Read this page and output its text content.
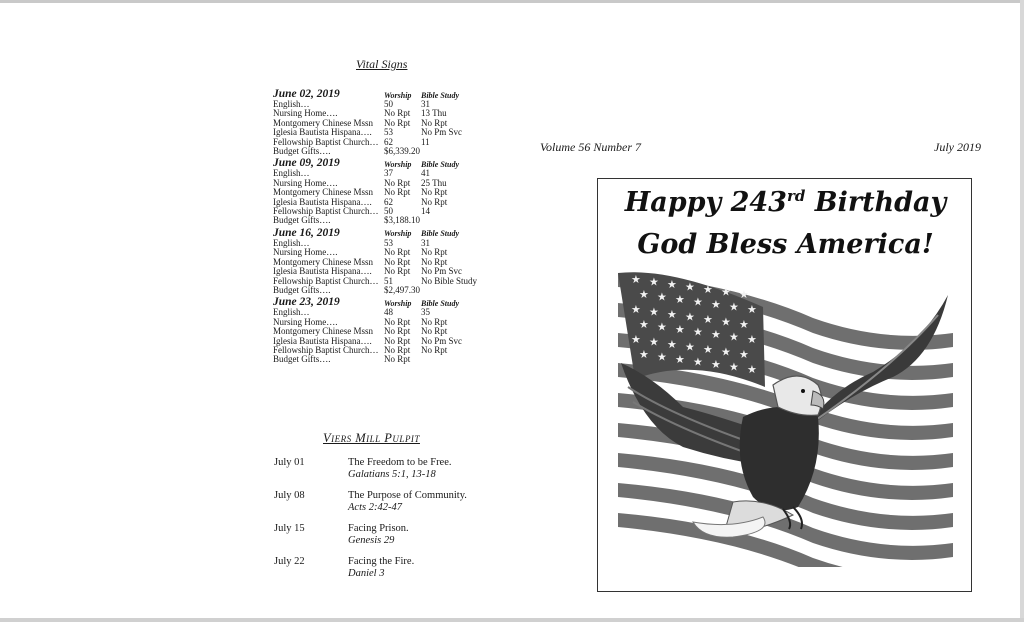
Vital Signs
June 02, 2019	Worship	Bible Study
English…	50	31
Nursing Home….	No Rpt	13 Thu
Montgomery Chinese Mssn	No Rpt	No Rpt
Iglesia Bautista Hispana….	53	No Pm Svc
Fellowship Baptist Church… 62	11
Budget Gifts….	$6,339.20
June 09, 2019	Worship	Bible Study
English…	37	41
Nursing Home….	No Rpt	25 Thu
Montgomery Chinese Mssn	No Rpt	No Rpt
Iglesia Bautista Hispana….	62	No Rpt
Fellowship Baptist Church… 50	14
Budget Gifts….	$3,188.10
June 16, 2019	Worship	Bible Study
English…	53	31
Nursing Home….	No Rpt	No Rpt
Montgomery Chinese Mssn	No Rpt	No Rpt
Iglesia Bautista Hispana….	No Rpt	No Pm Svc
Fellowship Baptist Church… 51	No Bible Study
Budget Gifts….	$2,497.30
June 23, 2019	Worship	Bible Study
English…	48	35
Nursing Home….	No Rpt	No Rpt
Montgomery Chinese Mssn	No Rpt	No Rpt
Iglesia Bautista Hispana….	No Rpt	No Pm Svc
Fellowship Baptist Church… No Rpt	No Rpt
Budget Gifts….	No Rpt
Viers Mill Pulpit
July 01	The Freedom to be Free.
Galatians 5:1, 13-18
July 08	The Purpose of Community.
Acts 2:42-47
July 15	Facing Prison.
Genesis 29
July 22	Facing the Fire.
Daniel 3
Volume 56 Number 7	July 2019
Happy 243rd Birthday
God Bless America!
★ ★ ★ ★ ★ ★ ★
★ ★ ★ ★ ★ ★ ★
★ ★ ★ ★ ★ ★ ★
★ ★ ★ ★ ★ ★ ★
★ ★ ★ ★ ★ ★ ★
★ ★ ★ ★ ★ ★ ★
